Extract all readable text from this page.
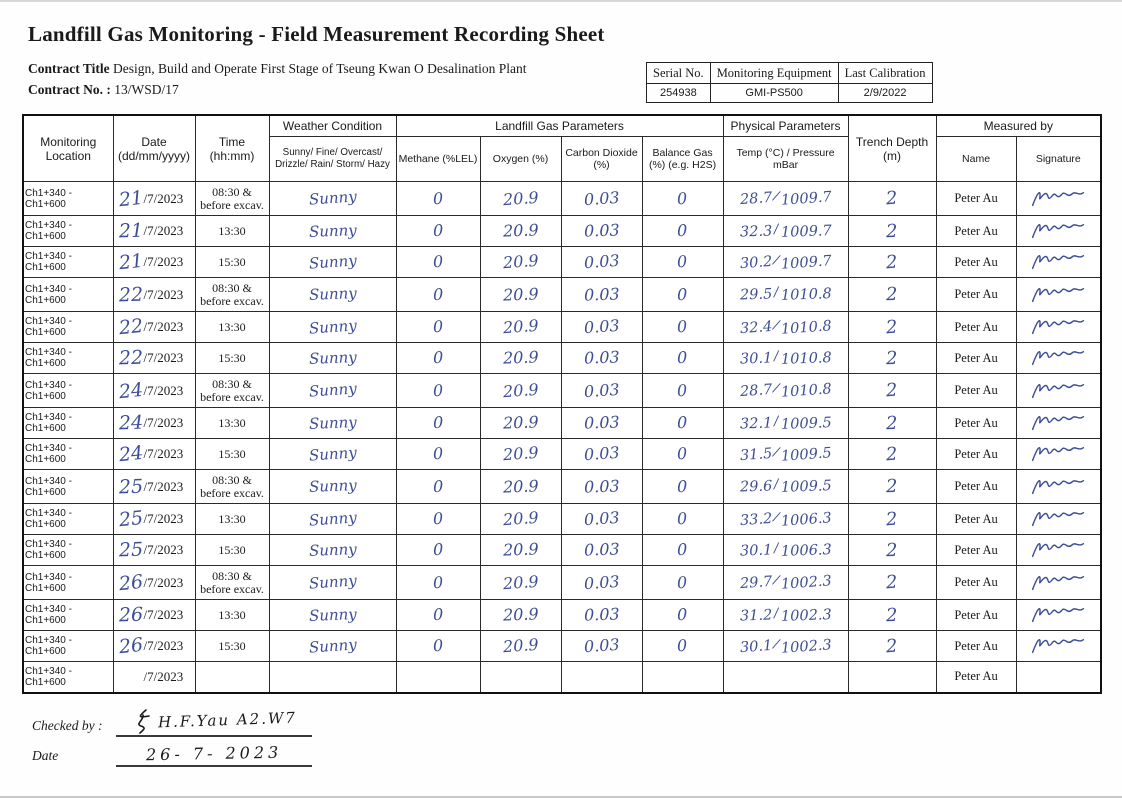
Landfill Gas Monitoring - Field Measurement Recording Sheet
Contract Title Design, Build and Operate First Stage of Tseung Kwan O Desalination Plant
Contract No. : 13/WSD/17
Serial No.	Monitoring Equipment	Last Calibration
254938	GMI-PS500	2/9/2022
Monitoring Location	Date (dd/mm/yyyy)	Time (hh:mm)	Weather Condition	Landfill Gas Parameters				Physical Parameters	Trench Depth (m)	Measured by	
			Sunny/ Fine/ Overcast/ Drizzle/ Rain/ Storm/ Hazy	Methane (%LEL)	Oxygen (%)	Carbon Dioxide (%)	Balance Gas (%) (e.g. H2S)	Temp (°C) / Pressure mBar		Name	Signature
Ch1+340 - Ch1+600	21/7/2023	08:30 & before excav.	Sunny	0	20.9	0.03	0	28.7/1009.7	2	Peter Au	
Ch1+340 - Ch1+600	21/7/2023	13:30	Sunny	0	20.9	0.03	0	32.3/1009.7	2	Peter Au	
Ch1+340 - Ch1+600	21/7/2023	15:30	Sunny	0	20.9	0.03	0	30.2/1009.7	2	Peter Au	
Ch1+340 - Ch1+600	22/7/2023	08:30 & before excav.	Sunny	0	20.9	0.03	0	29.5/1010.8	2	Peter Au	
Ch1+340 - Ch1+600	22/7/2023	13:30	Sunny	0	20.9	0.03	0	32.4/1010.8	2	Peter Au	
Ch1+340 - Ch1+600	22/7/2023	15:30	Sunny	0	20.9	0.03	0	30.1/1010.8	2	Peter Au	
Ch1+340 - Ch1+600	24/7/2023	08:30 & before excav.	Sunny	0	20.9	0.03	0	28.7/1010.8	2	Peter Au	
Ch1+340 - Ch1+600	24/7/2023	13:30	Sunny	0	20.9	0.03	0	32.1/1009.5	2	Peter Au	
Ch1+340 - Ch1+600	24/7/2023	15:30	Sunny	0	20.9	0.03	0	31.5/1009.5	2	Peter Au	
Ch1+340 - Ch1+600	25/7/2023	08:30 & before excav.	Sunny	0	20.9	0.03	0	29.6/1009.5	2	Peter Au	
Ch1+340 - Ch1+600	25/7/2023	13:30	Sunny	0	20.9	0.03	0	33.2/1006.3	2	Peter Au	
Ch1+340 - Ch1+600	25/7/2023	15:30	Sunny	0	20.9	0.03	0	30.1/1006.3	2	Peter Au	
Ch1+340 - Ch1+600	26/7/2023	08:30 & before excav.	Sunny	0	20.9	0.03	0	29.7/1002.3	2	Peter Au	
Ch1+340 - Ch1+600	26/7/2023	13:30	Sunny	0	20.9	0.03	0	31.2/1002.3	2	Peter Au	
Ch1+340 - Ch1+600	26/7/2023	15:30	Sunny	0	20.9	0.03	0	30.1/1002.3	2	Peter Au	
Ch1+340 - Ch1+600	/7/2023									Peter Au	
Checked by :	H.F.Yau A2.W7
Date	26- 7- 2023
